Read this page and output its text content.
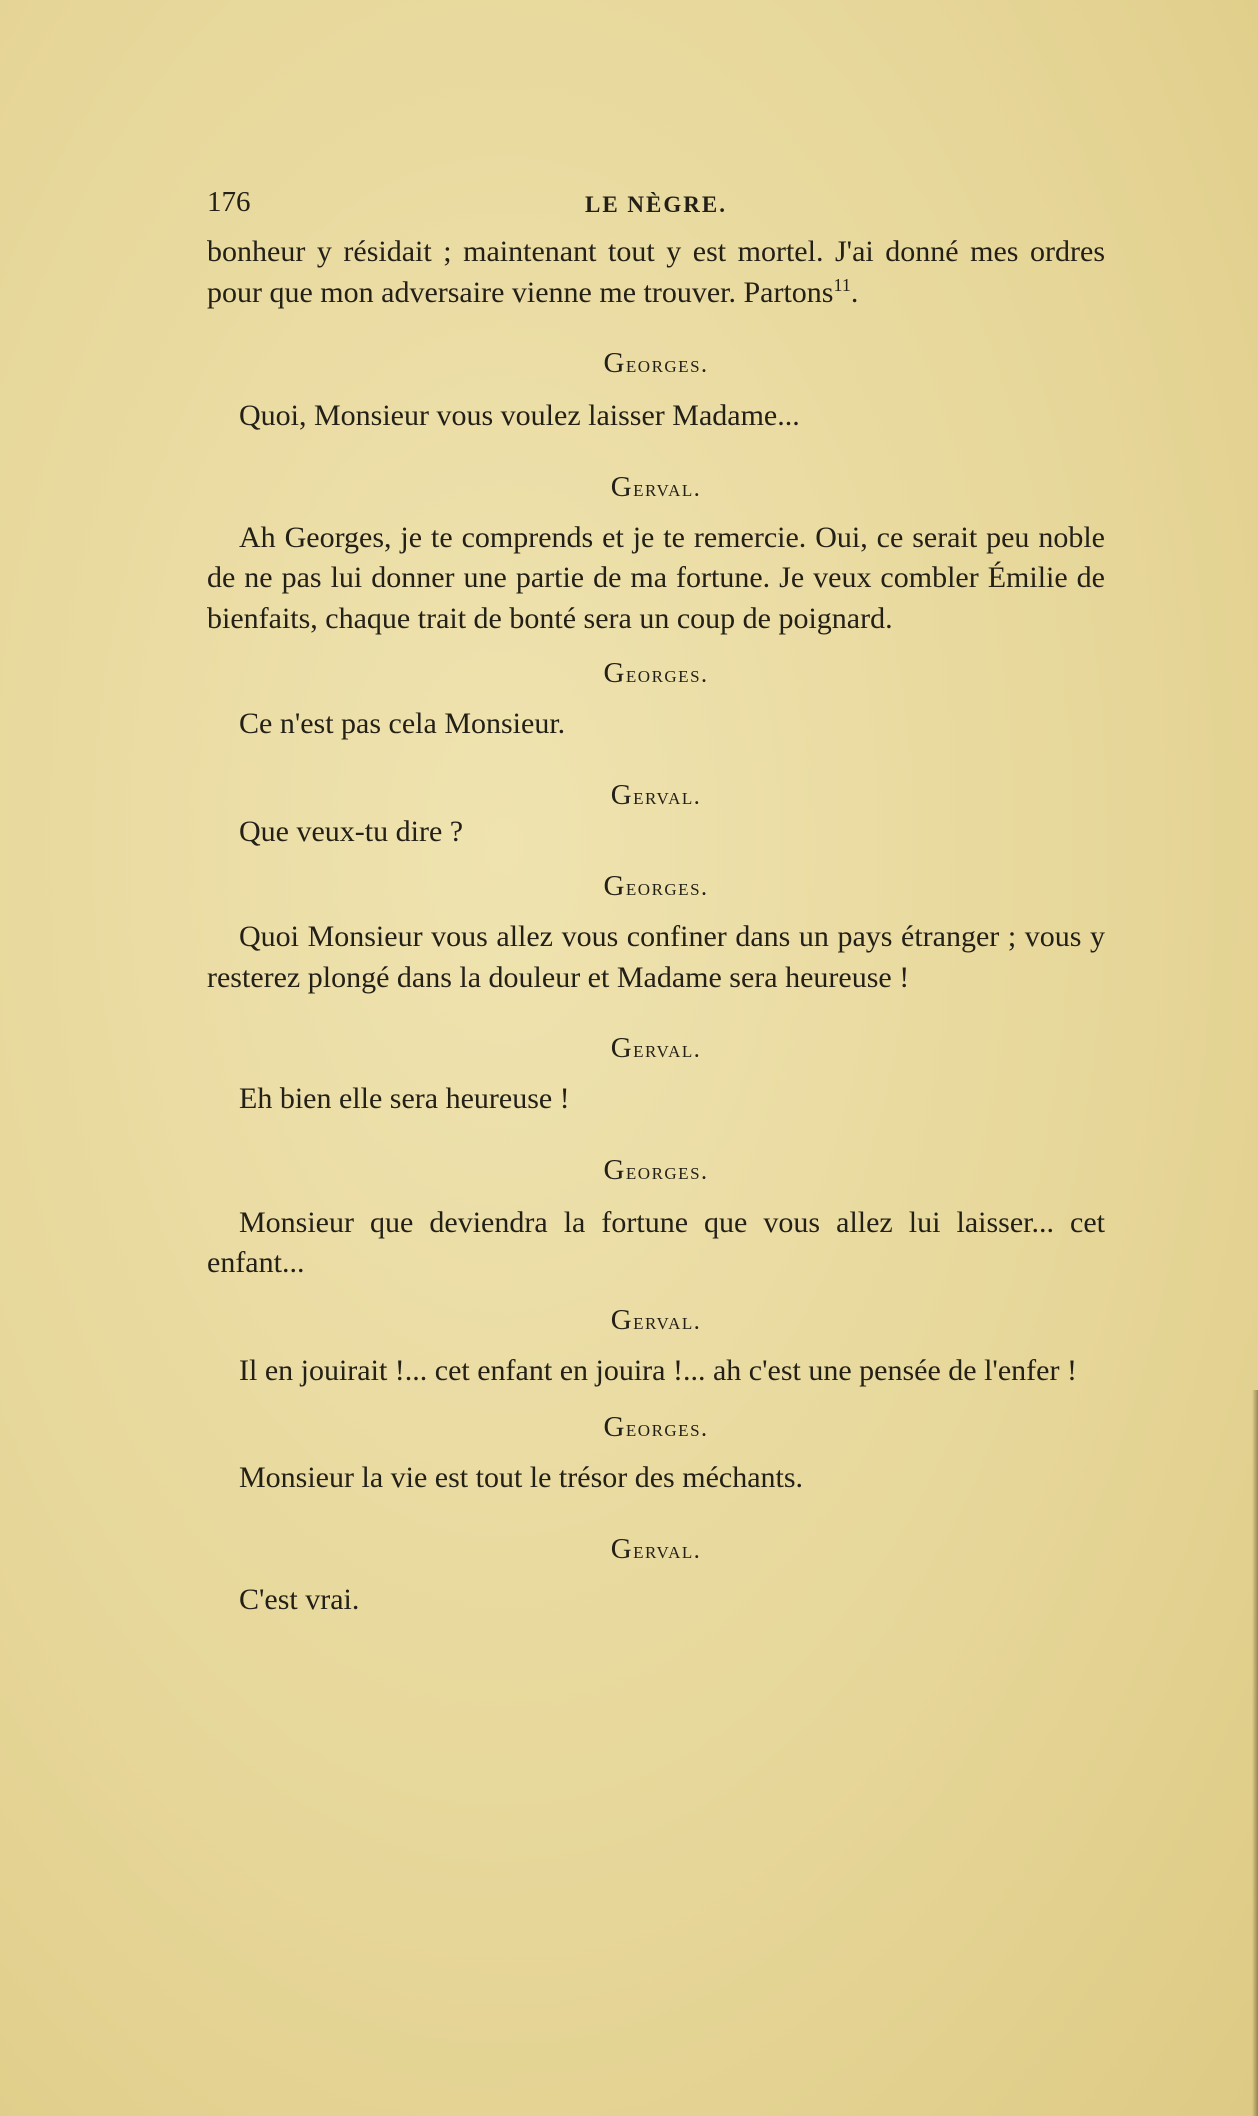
176	LE NÈGRE.

bonheur y résidait ; maintenant tout y est mortel. J'ai donné mes ordres pour que mon adversaire vienne me trouver. Partons$^{11}$.

Georges.

Quoi, Monsieur vous voulez laisser Madame...

Gerval.

Ah Georges, je te comprends et je te remercie. Oui, ce serait peu noble de ne pas lui donner une partie de ma fortune. Je veux combler Émilie de bienfaits, chaque trait de bonté sera un coup de poignard.

Georges.

Ce n'est pas cela Monsieur.

Gerval.

Que veux-tu dire ?

Georges.

Quoi Monsieur vous allez vous confiner dans un pays étranger ; vous y resterez plongé dans la douleur et Madame sera heureuse !

Gerval.

Eh bien elle sera heureuse !

Georges.

Monsieur que deviendra la fortune que vous allez lui laisser... cet enfant...

Gerval.

Il en jouirait !... cet enfant en jouira !... ah c'est une pensée de l'enfer !

Georges.

Monsieur la vie est tout le trésor des méchants.

Gerval.

C'est vrai.
